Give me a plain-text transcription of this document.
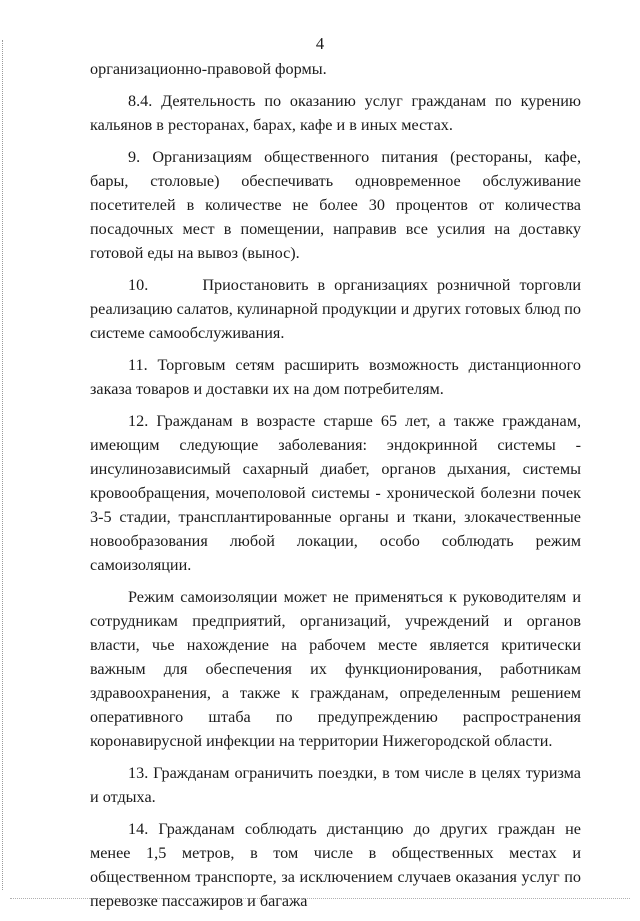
4

организационно-правовой формы.

8.4. Деятельность по оказанию услуг гражданам по курению кальянов в ресторанах, барах, кафе и в иных местах.

9. Организациям общественного питания (рестораны, кафе, бары, столовые) обеспечивать одновременное обслуживание посетителей в количестве не более 30 процентов от количества посадочных мест в помещении, направив все усилия на доставку готовой еды на вывоз (вынос).

10.      Приостановить в организациях розничной торговли реализацию салатов, кулинарной продукции и других готовых блюд по системе самообслуживания.

11. Торговым сетям расширить возможность дистанционного заказа товаров и доставки их на дом потребителям.

12. Гражданам в возрасте старше 65 лет, а также гражданам, имеющим следующие заболевания: эндокринной системы - инсулинозависимый сахарный диабет, органов дыхания, системы кровообращения, мочеполовой системы - хронической болезни почек 3-5 стадии, трансплантированные органы и ткани, злокачественные новообразования любой локации, особо соблюдать режим самоизоляции.

Режим самоизоляции может не применяться к руководителям и сотрудникам предприятий, организаций, учреждений и органов власти, чье нахождение на рабочем месте является критически важным для обеспечения их функционирования, работникам здравоохранения, а также к гражданам, определенным решением оперативного штаба по предупреждению распространения коронавирусной инфекции на территории Нижегородской области.

13. Гражданам ограничить поездки, в том числе в целях туризма и отдыха.

14. Гражданам соблюдать дистанцию до других граждан не менее 1,5 метров, в том числе в общественных местах и общественном транспорте, за исключением случаев оказания услуг по перевозке пассажиров и багажа
